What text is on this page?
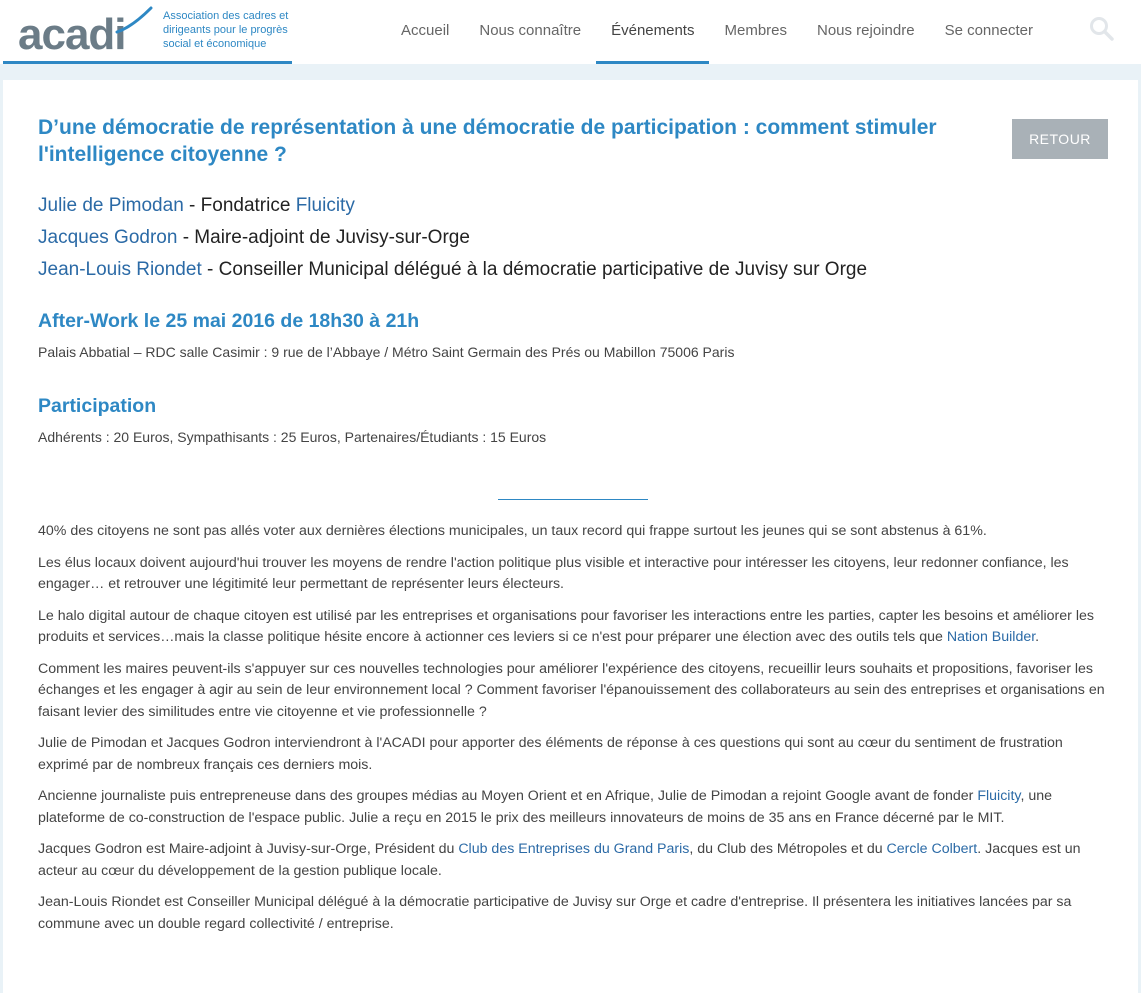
acadi	Association des cadres et dirigeants pour le progrès social et économique
Accueil	Nous connaître	Événements	Membres	Nous rejoindre	Se connecter
D’une démocratie de représentation à une démocratie de participation : comment stimuler l'intelligence citoyenne ?
RETOUR
Julie de Pimodan - Fondatrice Fluicity
Jacques Godron - Maire-adjoint de Juvisy-sur-Orge
Jean-Louis Riondet - Conseiller Municipal délégué à la démocratie participative de Juvisy sur Orge
After-Work le 25 mai 2016 de 18h30 à 21h

Palais Abbatial – RDC salle Casimir : 9 rue de l’Abbaye / Métro Saint Germain des Prés ou Mabillon 75006 Paris

Participation

Adhérents : 20 Euros, Sympathisants : 25 Euros, Partenaires/Étudiants : 15 Euros

40% des citoyens ne sont pas allés voter aux dernières élections municipales, un taux record qui frappe surtout les jeunes qui se sont abstenus à 61%.

Les élus locaux doivent aujourd'hui trouver les moyens de rendre l'action politique plus visible et interactive pour intéresser les citoyens, leur redonner confiance, les engager… et retrouver une légitimité leur permettant de représenter leurs électeurs.

Le halo digital autour de chaque citoyen est utilisé par les entreprises et organisations pour favoriser les interactions entre les parties, capter les besoins et améliorer les produits et services…mais la classe politique hésite encore à actionner ces leviers si ce n'est pour préparer une élection avec des outils tels que Nation Builder.

Comment les maires peuvent-ils s'appuyer sur ces nouvelles technologies pour améliorer l'expérience des citoyens, recueillir leurs souhaits et propositions, favoriser les échanges et les engager à agir au sein de leur environnement local ? Comment favoriser l'épanouissement des collaborateurs au sein des entreprises et organisations en faisant levier des similitudes entre vie citoyenne et vie professionnelle ?

Julie de Pimodan et Jacques Godron interviendront à l'ACADI pour apporter des éléments de réponse à ces questions qui sont au cœur du sentiment de frustration exprimé par de nombreux français ces derniers mois.

Ancienne journaliste puis entrepreneuse dans des groupes médias au Moyen Orient et en Afrique, Julie de Pimodan a rejoint Google avant de fonder Fluicity, une plateforme de co-construction de l'espace public. Julie a reçu en 2015 le prix des meilleurs innovateurs de moins de 35 ans en France décerné par le MIT.

Jacques Godron est Maire-adjoint à Juvisy-sur-Orge, Président du Club des Entreprises du Grand Paris, du Club des Métropoles et du Cercle Colbert. Jacques est un acteur au cœur du développement de la gestion publique locale.

Jean-Louis Riondet est Conseiller Municipal délégué à la démocratie participative de Juvisy sur Orge et cadre d'entreprise. Il présentera les initiatives lancées par sa commune avec un double regard collectivité / entreprise.
